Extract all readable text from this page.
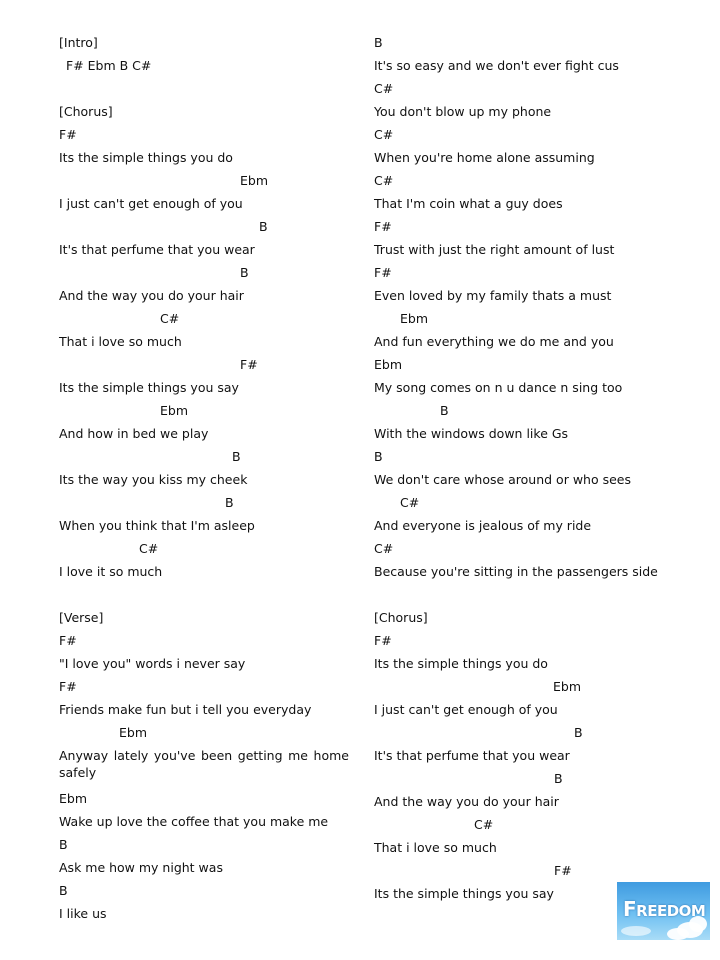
[Intro]
F# Ebm B C#
[Chorus]
F#
Its the simple things you do
Ebm
I just can't get enough of you
B
It's that perfume that you wear
B
And the way you do your hair
C#
That i love so much
F#
Its the simple things you say
Ebm
And how in bed we play
B
Its the way you kiss my cheek
B
When you think that I'm asleep
C#
I love it so much
[Verse]
F#
"I love you" words i never say
F#
Friends make fun but i tell you everyday
Ebm
Anyway lately you've been getting me home
safely
Ebm
Wake up love the coffee that you make me
B
Ask me how my night was
B
I like us
B
It's so easy and we don't ever fight cus
C#
You don't blow up my phone
C#
When you're home alone assuming
C#
That I'm coin what a guy does
F#
Trust with just the right amount of lust
F#
Even loved by my family thats a must
Ebm
And fun everything we do me and you
Ebm
My song comes on n u dance n sing too
B
With the windows down like Gs
B
We don't care whose around or who sees
C#
And everyone is jealous of my ride
C#
Because you're sitting in the passengers side
[Chorus]
F#
Its the simple things you do
Ebm
I just can't get enough of you
B
It's that perfume that you wear
B
And the way you do your hair
C#
That i love so much
F#
Its the simple things you say
FREEDOM
